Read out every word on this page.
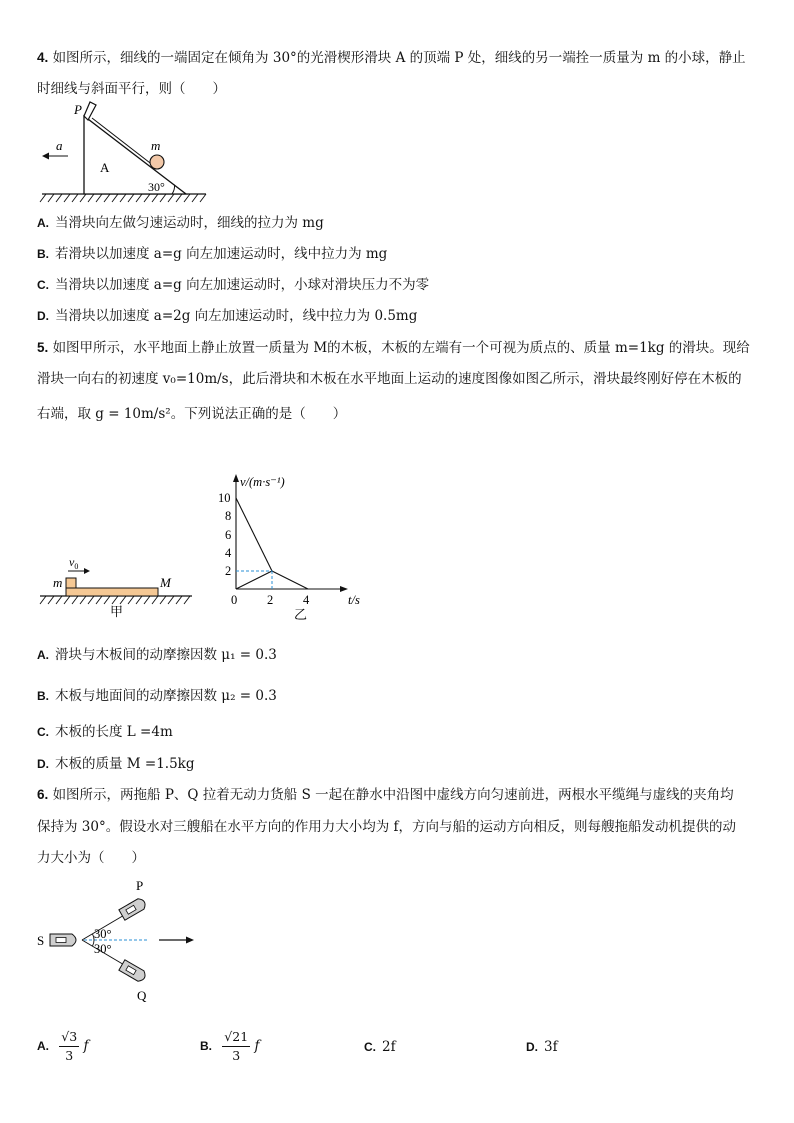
4. 如图所示，细线的一端固定在倾角为 30°的光滑楔形滑块 A 的顶端 P 处，细线的另一端拴一质量为 m 的小球，静止
时细线与斜面平行，则（　　）
P
a
A
m
30°
A. 当滑块向左做匀速运动时，细线的拉力为 mg
B. 若滑块以加速度 a=g 向左加速运动时，线中拉力为 mg
C. 当滑块以加速度 a=g 向左加速运动时，小球对滑块压力不为零
D. 当滑块以加速度 a=2g 向左加速运动时，线中拉力为 0.5mg
5. 如图甲所示，水平地面上静止放置一质量为 M的木板，木板的左端有一个可视为质点的、质量 m=1kg 的滑块。现给
滑块一向右的初速度 v₀=10m/s，此后滑块和木板在水平地面上运动的速度图像如图乙所示，滑块最终刚好停在木板的
右端，取 g = 10m/s²。下列说法正确的是（　　）
$v_0$
m	M
甲
10
8
6
4
2
0 2 4
v/(m·s⁻¹)
t/s
乙
A. 滑块与木板间的动摩擦因数 μ₁ = 0.3
B. 木板与地面间的动摩擦因数 μ₂ = 0.3
C. 木板的长度 L =4m
D. 木板的质量 M =1.5kg
6. 如图所示，两拖船 P、Q 拉着无动力货船 S 一起在静水中沿图中虚线方向匀速前进，两根水平缆绳与虚线的夹角均
保持为 30°。假设水对三艘船在水平方向的作用力大小均为 f，方向与船的运动方向相反，则每艘拖船发动机提供的动
力大小为（　　）
P
Q
S	30°
30°
A. $\frac{√3}{3}$ f	B. $\frac{√21}{3}$ f	C. 2f	D. 3f
